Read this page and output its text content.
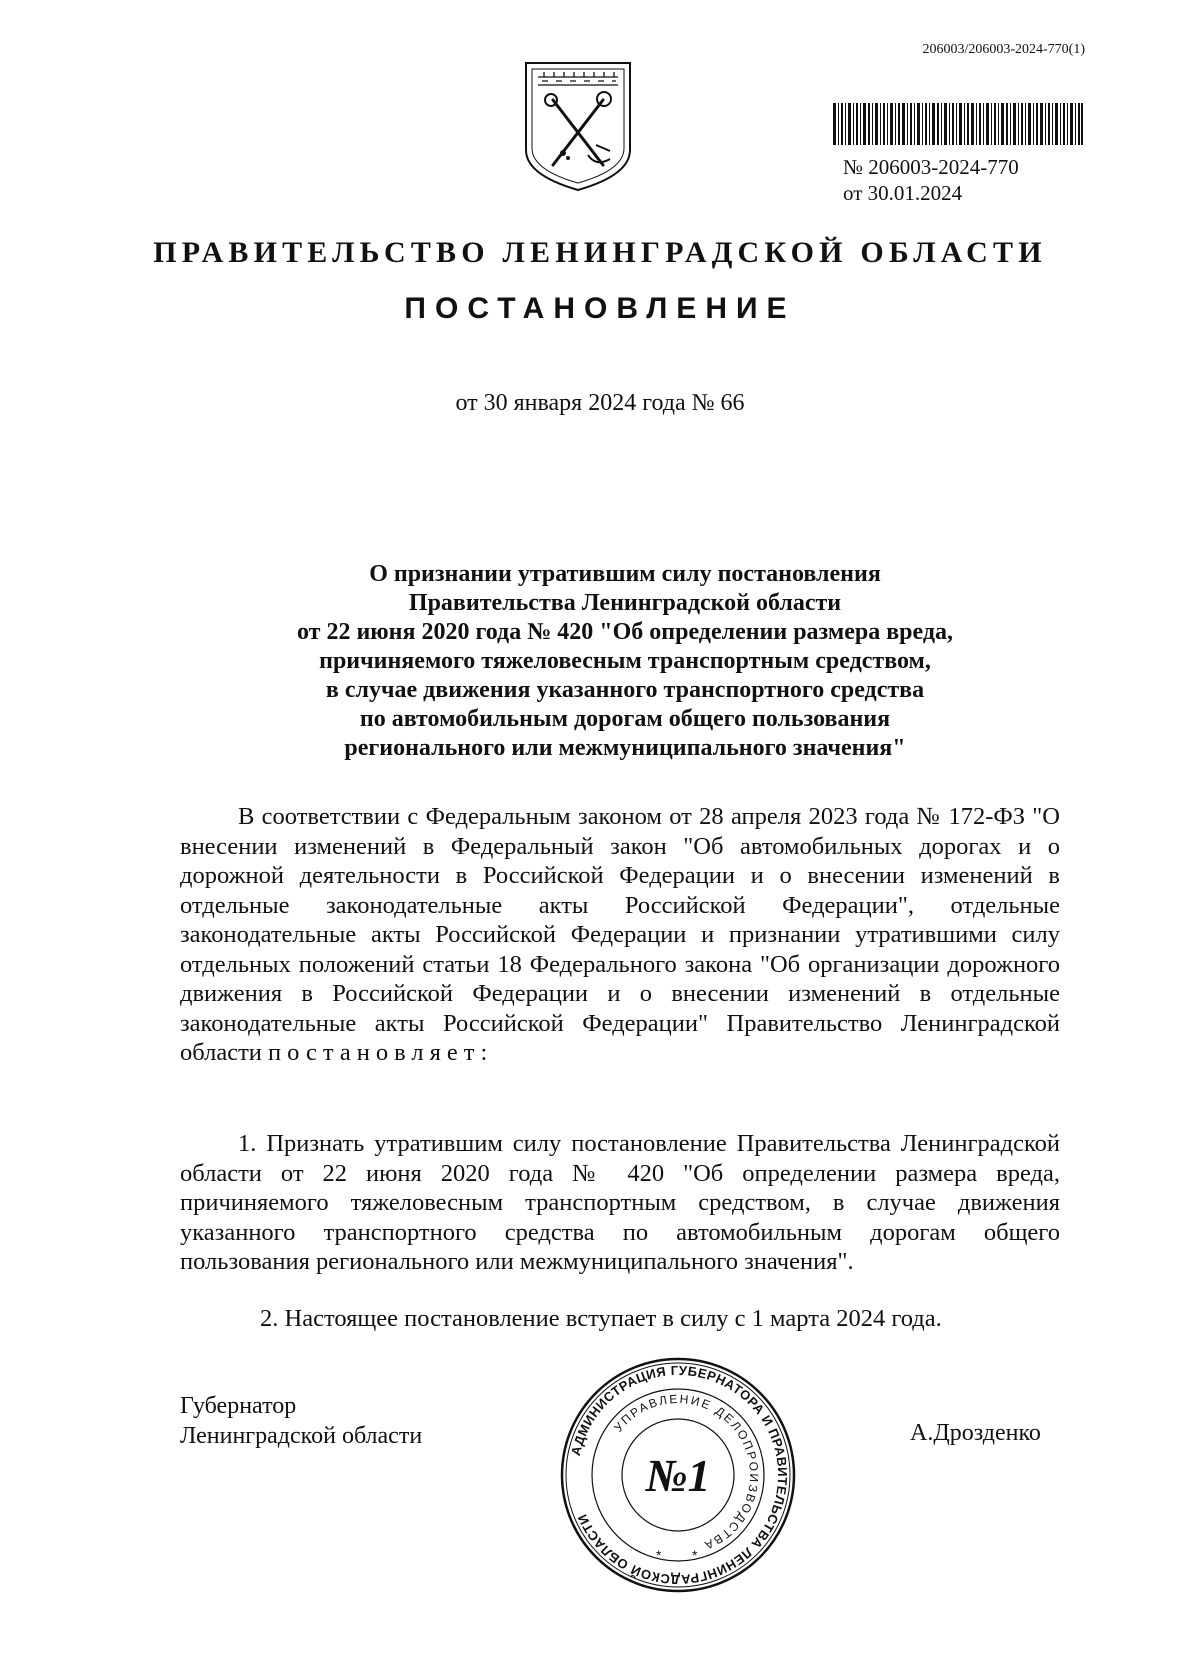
206003/206003-2024-770(1)
№ 206003-2024-770
от 30.01.2024
ПРАВИТЕЛЬСТВО ЛЕНИНГРАДСКОЙ ОБЛАСТИ
ПОСТАНОВЛЕНИЕ
от 30 января 2024 года № 66
О признании утратившим силу постановления
Правительства Ленинградской области
от 22 июня 2020 года № 420 "Об определении размера вреда,
причиняемого тяжеловесным транспортным средством,
в случае движения указанного транспортного средства
по автомобильным дорогам общего пользования
регионального или межмуниципального значения"
В соответствии с Федеральным законом от 28 апреля 2023 года № 172-ФЗ "О внесении изменений в Федеральный закон "Об автомобильных дорогах и о дорожной деятельности в Российской Федерации и о внесении изменений в отдельные законодательные акты Российской Федерации", отдельные законодательные акты Российской Федерации и признании утратившими силу отдельных положений статьи 18 Федерального закона "Об организации дорожного движения в Российской Федерации и о внесении изменений в отдельные законодательные акты Российской Федерации" Правительство Ленинградской области постановляет:
1. Признать утратившим силу постановление Правительства Ленинградской области от 22 июня 2020 года № 420 "Об определении размера вреда, причиняемого тяжеловесным транспортным средством, в случае движения указанного транспортного средства по автомобильным дорогам общего пользования регионального или межмуниципального значения".
2. Настоящее постановление вступает в силу с 1 марта 2024 года.
Губернатор
Ленинградской области
АДМИНИСТРАЦИЯ ГУБЕРНАТОРА И ПРАВИТЕЛЬСТВА ЛЕНИНГРАДСКОЙ ОБЛАСТИ
УПРАВЛЕНИЕ ДЕЛОПРОИЗВОДСТВА
№1
* *
А.Дрозденко
